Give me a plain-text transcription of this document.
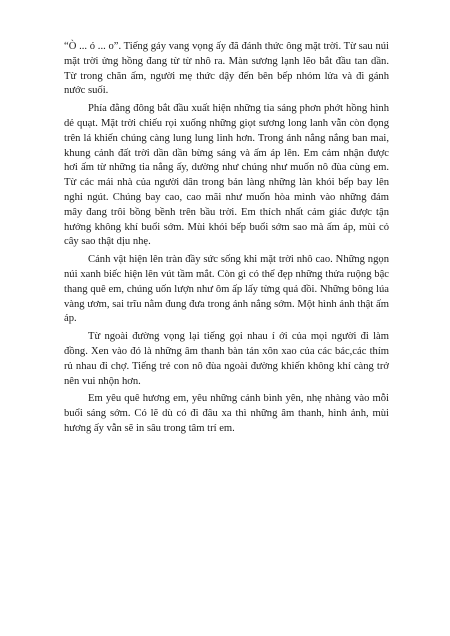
“Ò ... ó ... o”. Tiếng gáy vang vọng ấy đã đánh thức ông mặt trời. Từ sau núi mặt trời ửng hồng đang từ từ nhô ra. Màn sương lạnh lẽo bắt đầu tan dần. Từ trong chăn ấm, người mẹ thức dậy đến bên bếp nhóm lửa và đi gánh nước suối.

Phía đằng đông bắt đầu xuất hiện những tia sáng phơn phớt hồng hình dẻ quạt. Mặt trời chiếu rọi xuống những giọt sương long lanh vẫn còn đọng trên lá khiến chúng càng lung lung linh hơn. Trong ánh nắng nắng ban mai, khung cảnh đất trời dần dần bừng sáng và ấm áp lên. Em cảm nhận được hơi ấm từ những tia nắng ấy, dường như chúng như muốn nô đùa cùng em. Từ các mái nhà của người dân trong bản làng những làn khói bếp bay lên nghi ngút. Chúng bay cao, cao mãi như muốn hòa mình vào những đám mây đang trôi bồng bềnh trên bầu trời. Em thích nhất cảm giác được tận hưởng không khí buổi sớm. Mùi khói bếp buổi sớm sao mà ấm áp, mùi cỏ cây sao thật dịu nhẹ.

Cánh vật hiện lên tràn đầy sức sống khi mặt trời nhô cao. Những ngọn núi xanh biếc hiện lên vút tầm mắt. Còn gì có thể đẹp những thửa ruộng bậc thang quê em, chúng uốn lượn như ôm ấp lấy từng quả đồi. Những bông lúa vàng ươm, sai trĩu nằm đung đưa trong ánh nắng sớm. Một hình ảnh thật ấm áp.

Từ ngoài đường vọng lại tiếng gọi nhau í ới của mọi người đi làm đồng. Xen vào đó là những âm thanh bàn tán xôn xao của các bác,các thím rủ nhau đi chợ. Tiếng trẻ con nô đùa ngoài đường khiến không khí càng trở nên vui nhộn hơn.

Em yêu quê hương em, yêu những cảnh bình yên, nhẹ nhàng vào mỗi buổi sáng sớm. Có lẽ dù có đi đâu xa thì những âm thanh, hình ảnh, mùi hương ấy vẫn sẽ in sâu trong tâm trí em.
